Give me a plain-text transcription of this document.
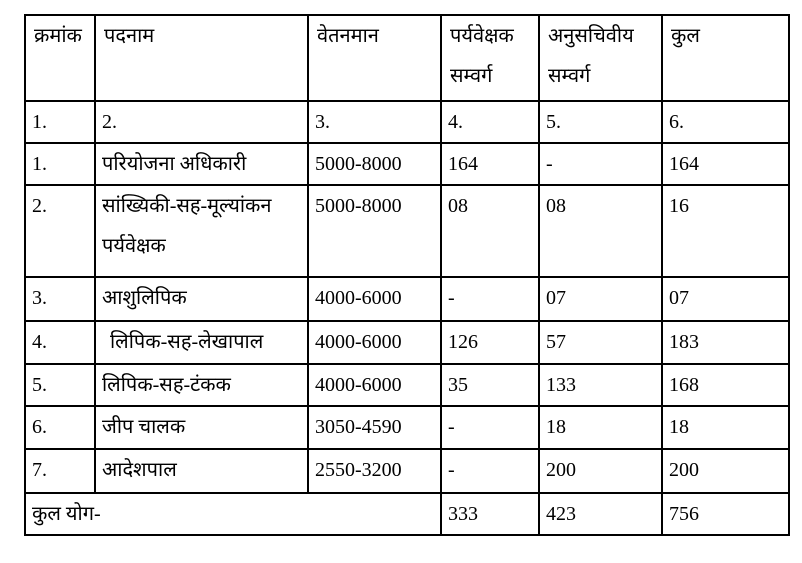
क्रमांक	पदनाम	वेतनमान	पर्यवेक्षक सम्वर्ग	अनुसचिवीय सम्वर्ग	कुल
1.	2.	3.	4.	5.	6.
1.	परियोजना अधिकारी	5000-8000	164	-	164
2.	सांख्यिकी-सह-मूल्यांकन पर्यवेक्षक	5000-8000	08	08	16
3.	आशुलिपिक	4000-6000	-	07	07
4.	लिपिक-सह-लेखापाल	4000-6000	126	57	183
5.	लिपिक-सह-टंकक	4000-6000	35	133	168
6.	जीप चालक	3050-4590	-	18	18
7.	आदेशपाल	2550-3200	-	200	200
कुल योग-			333	423	756
